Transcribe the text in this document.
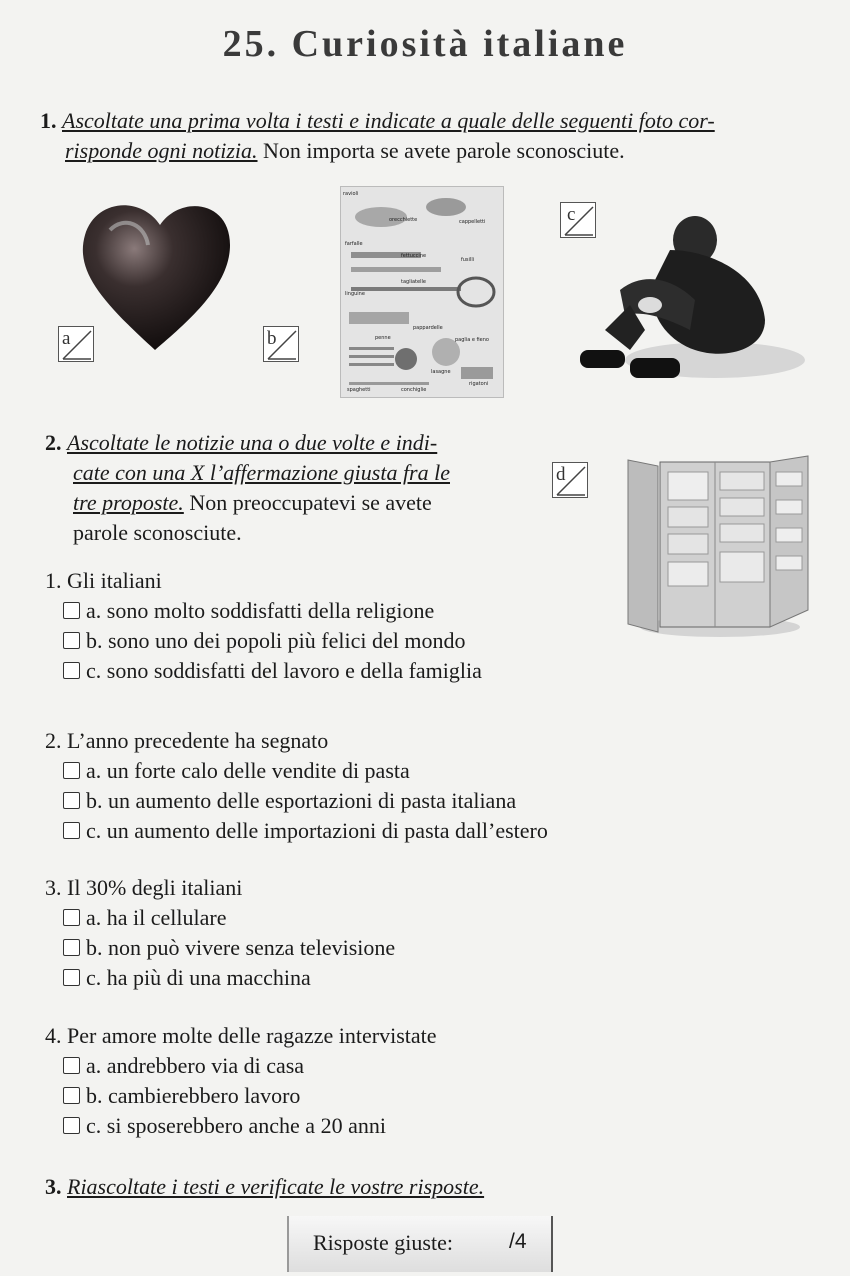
25. Curiosità italiane
1. Ascoltate una prima volta i testi e indicate a quale delle seguenti foto cor-
risponde ogni notizia. Non importa se avete parole sconosciute.
a
ravioli
orecchiette	cappelletti
farfalle
fettuccine
fusilli
tagliatelle
linguine
pappardelle
penne	paglia e fieno
lasagne
rigatoni
spaghetti	conchiglie
b
c
2. Ascoltate le notizie una o due volte e indi-
cate con una X l’affermazione giusta fra le
tre proposte. Non preoccupatevi se avete
parole sconosciute.
d
1. Gli italiani
a. sono molto soddisfatti della religione
b. sono uno dei popoli più felici del mondo
c. sono soddisfatti del lavoro e della famiglia
2. L’anno precedente ha segnato
a. un forte calo delle vendite di pasta
b. un aumento delle esportazioni di pasta italiana
c. un aumento delle importazioni di pasta dall’estero
3. Il 30% degli italiani
a. ha il cellulare
b. non può vivere senza televisione
c. ha più di una macchina
4. Per amore molte delle ragazze intervistate
a. andrebbero via di casa
b. cambierebbero lavoro
c. si sposerebbero anche a 20 anni
3. Riascoltate i testi e verificate le vostre risposte.
Risposte giuste:	/4
